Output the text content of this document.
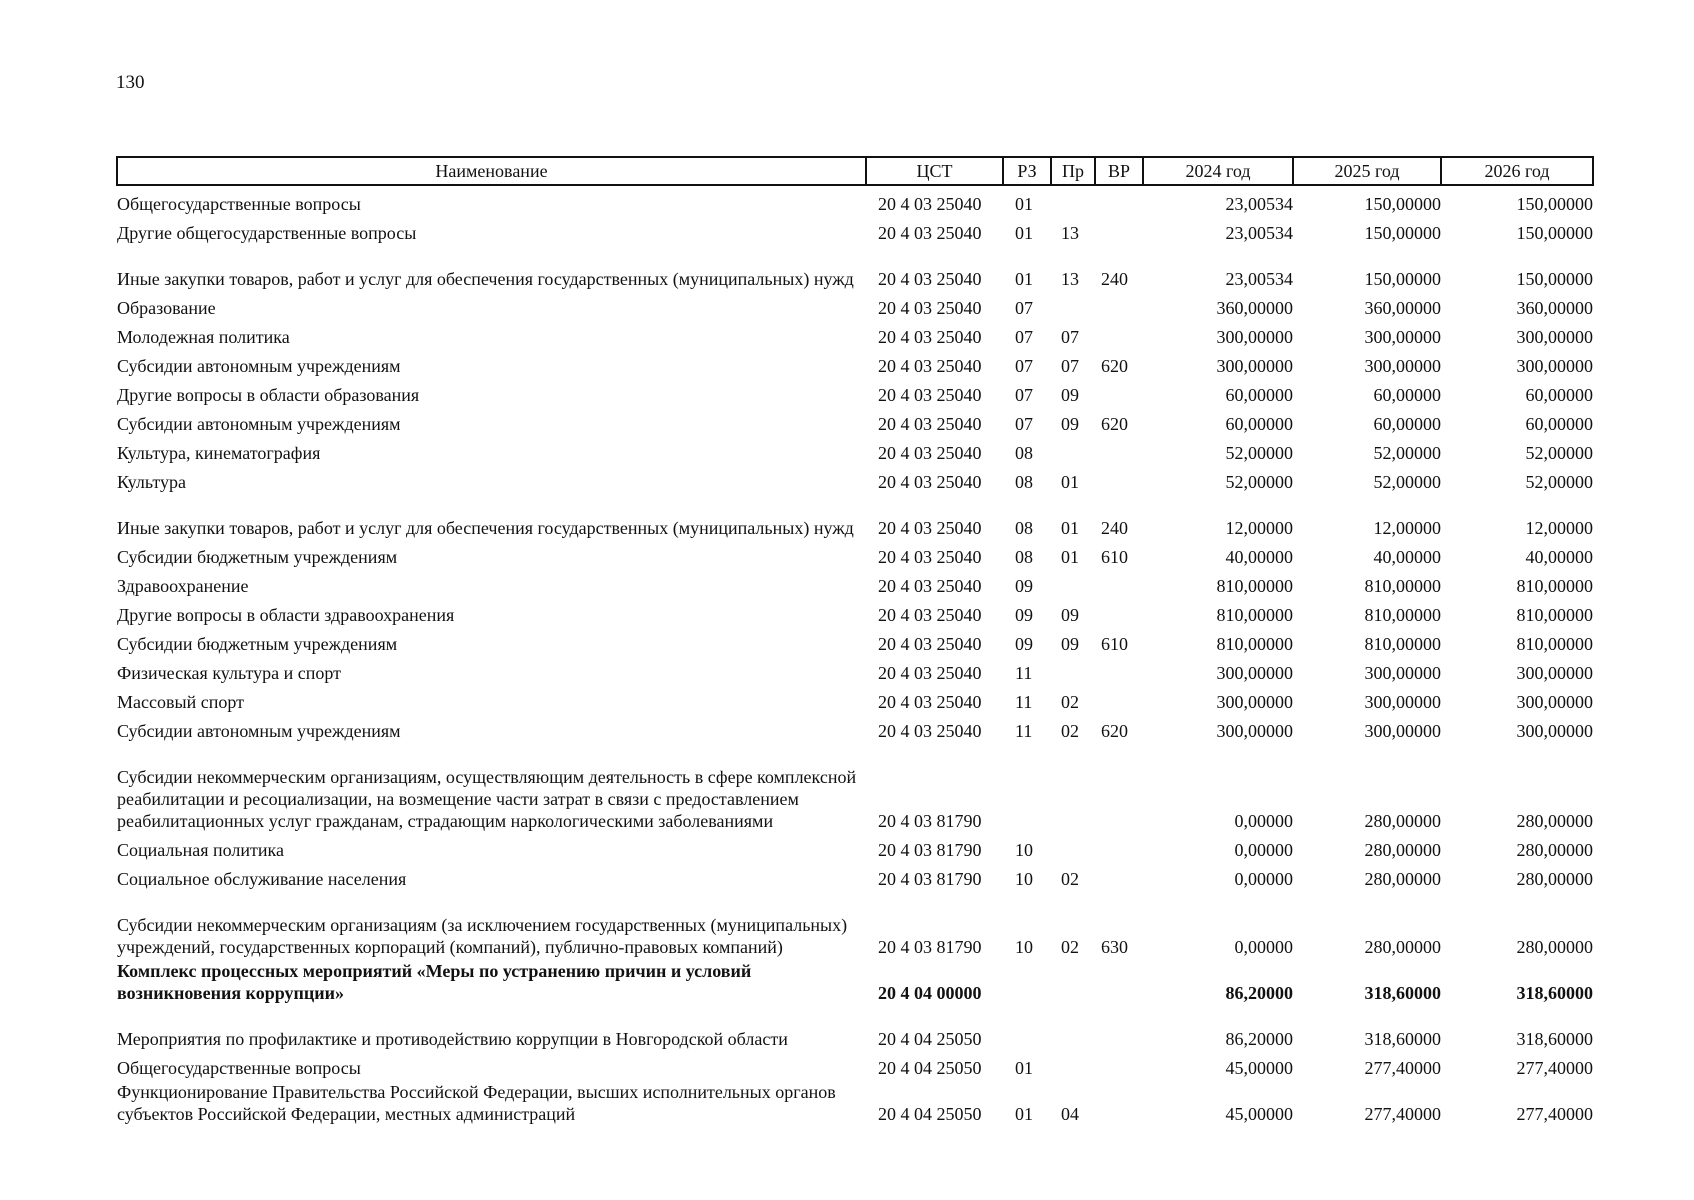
130
Наименование	ЦСТ	РЗ	Пр	ВР	2024 год	2025 год	2026 год
Общегосударственные вопросы	20 4 03 25040	01			23,00534	150,00000	150,00000
Другие общегосударственные вопросы	20 4 03 25040	01	13		23,00534	150,00000	150,00000
Иные закупки товаров, работ и услуг для обеспечения государственных (муниципальных) нужд	20 4 03 25040	01	13	240	23,00534	150,00000	150,00000
Образование	20 4 03 25040	07			360,00000	360,00000	360,00000
Молодежная политика	20 4 03 25040	07	07		300,00000	300,00000	300,00000
Субсидии автономным учреждениям	20 4 03 25040	07	07	620	300,00000	300,00000	300,00000
Другие вопросы в области образования	20 4 03 25040	07	09		60,00000	60,00000	60,00000
Субсидии автономным учреждениям	20 4 03 25040	07	09	620	60,00000	60,00000	60,00000
Культура, кинематография	20 4 03 25040	08			52,00000	52,00000	52,00000
Культура	20 4 03 25040	08	01		52,00000	52,00000	52,00000
Иные закупки товаров, работ и услуг для обеспечения государственных (муниципальных) нужд	20 4 03 25040	08	01	240	12,00000	12,00000	12,00000
Субсидии бюджетным учреждениям	20 4 03 25040	08	01	610	40,00000	40,00000	40,00000
Здравоохранение	20 4 03 25040	09			810,00000	810,00000	810,00000
Другие вопросы в области здравоохранения	20 4 03 25040	09	09		810,00000	810,00000	810,00000
Субсидии бюджетным учреждениям	20 4 03 25040	09	09	610	810,00000	810,00000	810,00000
Физическая культура и спорт	20 4 03 25040	11			300,00000	300,00000	300,00000
Массовый спорт	20 4 03 25040	11	02		300,00000	300,00000	300,00000
Субсидии автономным учреждениям	20 4 03 25040	11	02	620	300,00000	300,00000	300,00000
Субсидии некоммерческим организациям, осуществляющим деятельность в сфере комплексной реабилитации и ресоциализации, на возмещение части затрат в связи с предоставлением реабилитационных услуг гражданам, страдающим наркологическими заболеваниями	20 4 03 81790				0,00000	280,00000	280,00000
Социальная политика	20 4 03 81790	10			0,00000	280,00000	280,00000
Социальное обслуживание населения	20 4 03 81790	10	02		0,00000	280,00000	280,00000
Субсидии некоммерческим организациям (за исключением государственных (муниципальных) учреждений, государственных корпораций (компаний), публично-правовых компаний)	20 4 03 81790	10	02	630	0,00000	280,00000	280,00000
Комплекс процессных мероприятий «Меры по устранению причин и условий возникновения коррупции»	20 4 04 00000				86,20000	318,60000	318,60000
Мероприятия по профилактике и противодействию коррупции в Новгородской области	20 4 04 25050				86,20000	318,60000	318,60000
Общегосударственные вопросы	20 4 04 25050	01			45,00000	277,40000	277,40000
Функционирование Правительства Российской Федерации, высших исполнительных органов субъектов Российской Федерации, местных администраций	20 4 04 25050	01	04		45,00000	277,40000	277,40000
